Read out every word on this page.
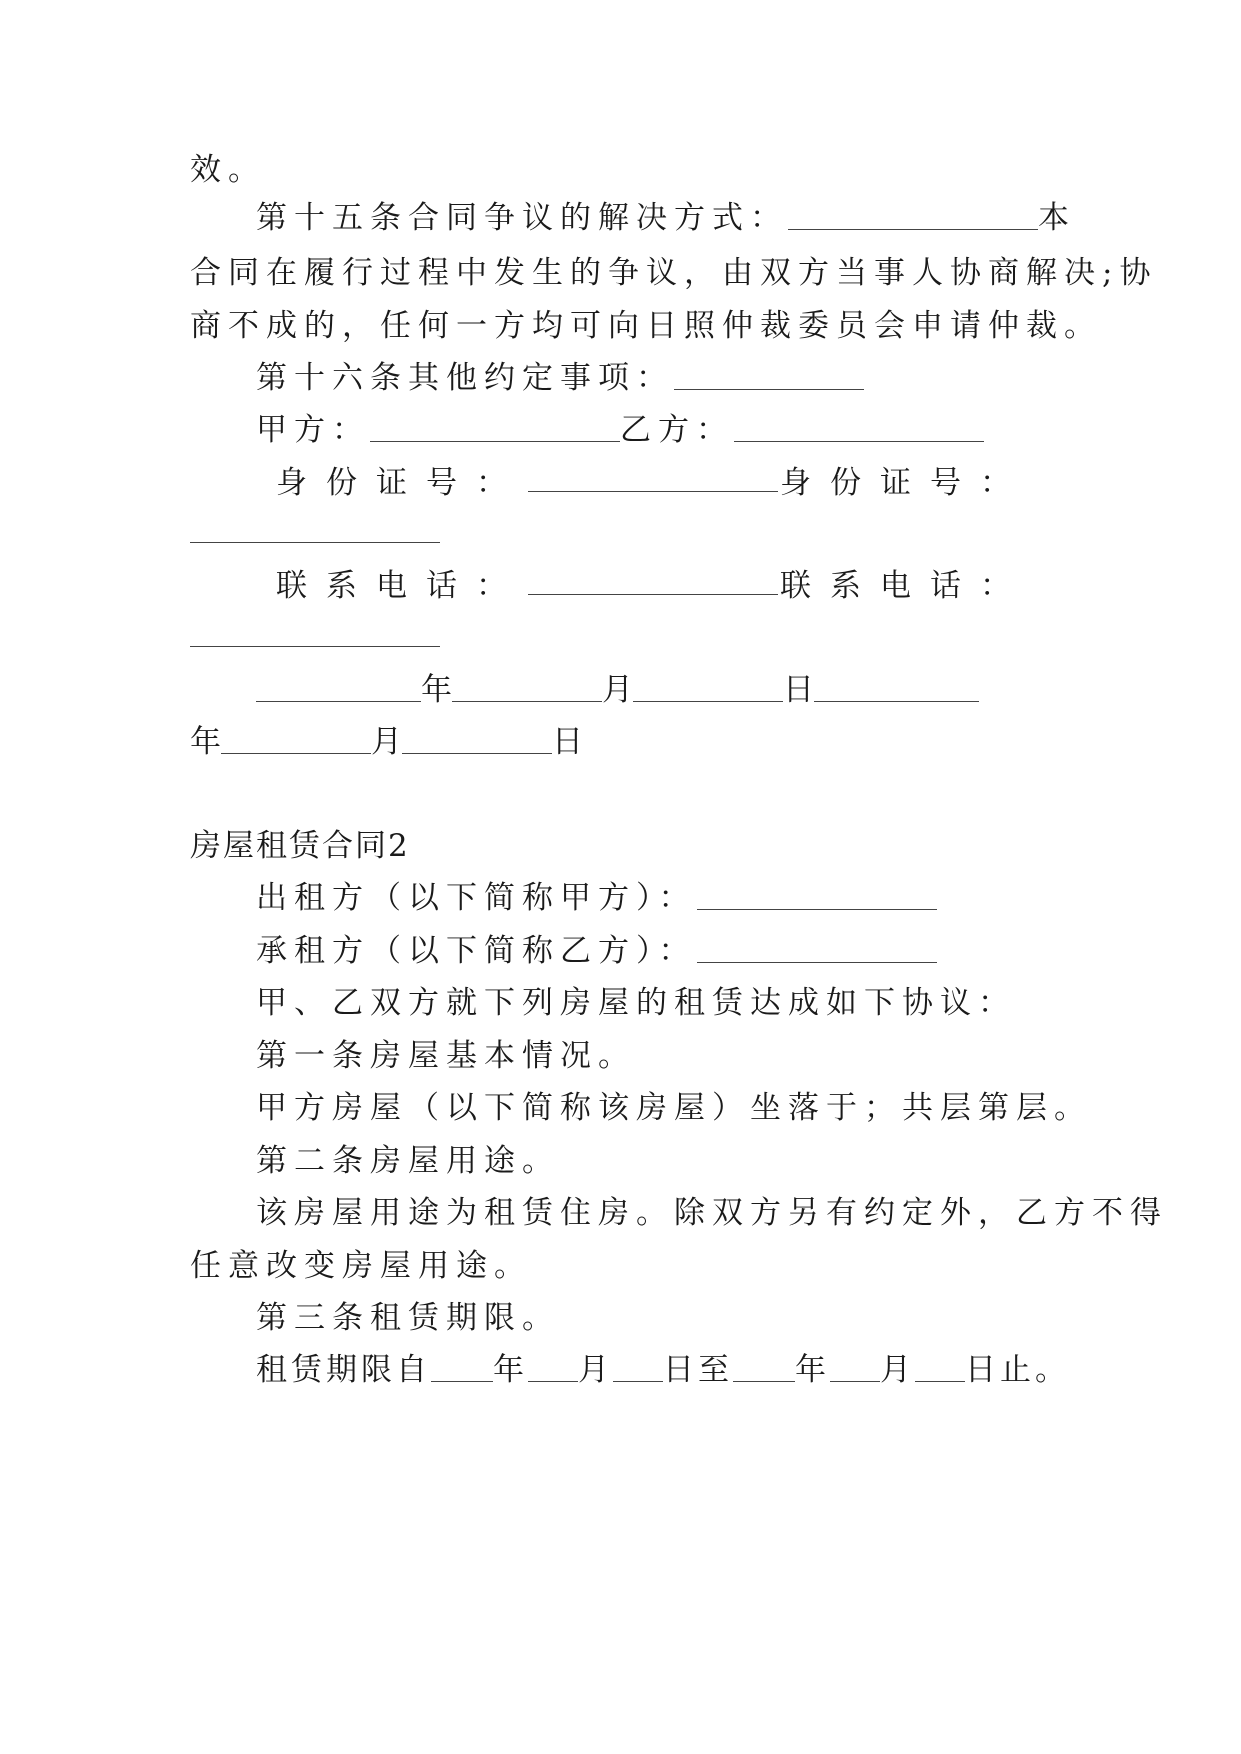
效。
第十五条合同争议的解决方式：	本
合同在履行过程中发生的争议，由双方当事人协商解决;协
商不成的，任何一方均可向日照仲裁委员会申请仲裁。
第十六条其他约定事项：
甲方：	乙方：
身份证号：	身份证号：
联系电话：	联系电话：
年	月	日
年	月	日
房屋租赁合同2
出租方（以下简称甲方）：
承租方（以下简称乙方）：
甲、乙双方就下列房屋的租赁达成如下协议：
第一条房屋基本情况。
甲方房屋（以下简称该房屋）坐落于；共层第层。
第二条房屋用途。
该房屋用途为租赁住房。除双方另有约定外，乙方不得
任意改变房屋用途。
第三条租赁期限。
租赁期限自 年 月 日至 年 月 日止。
